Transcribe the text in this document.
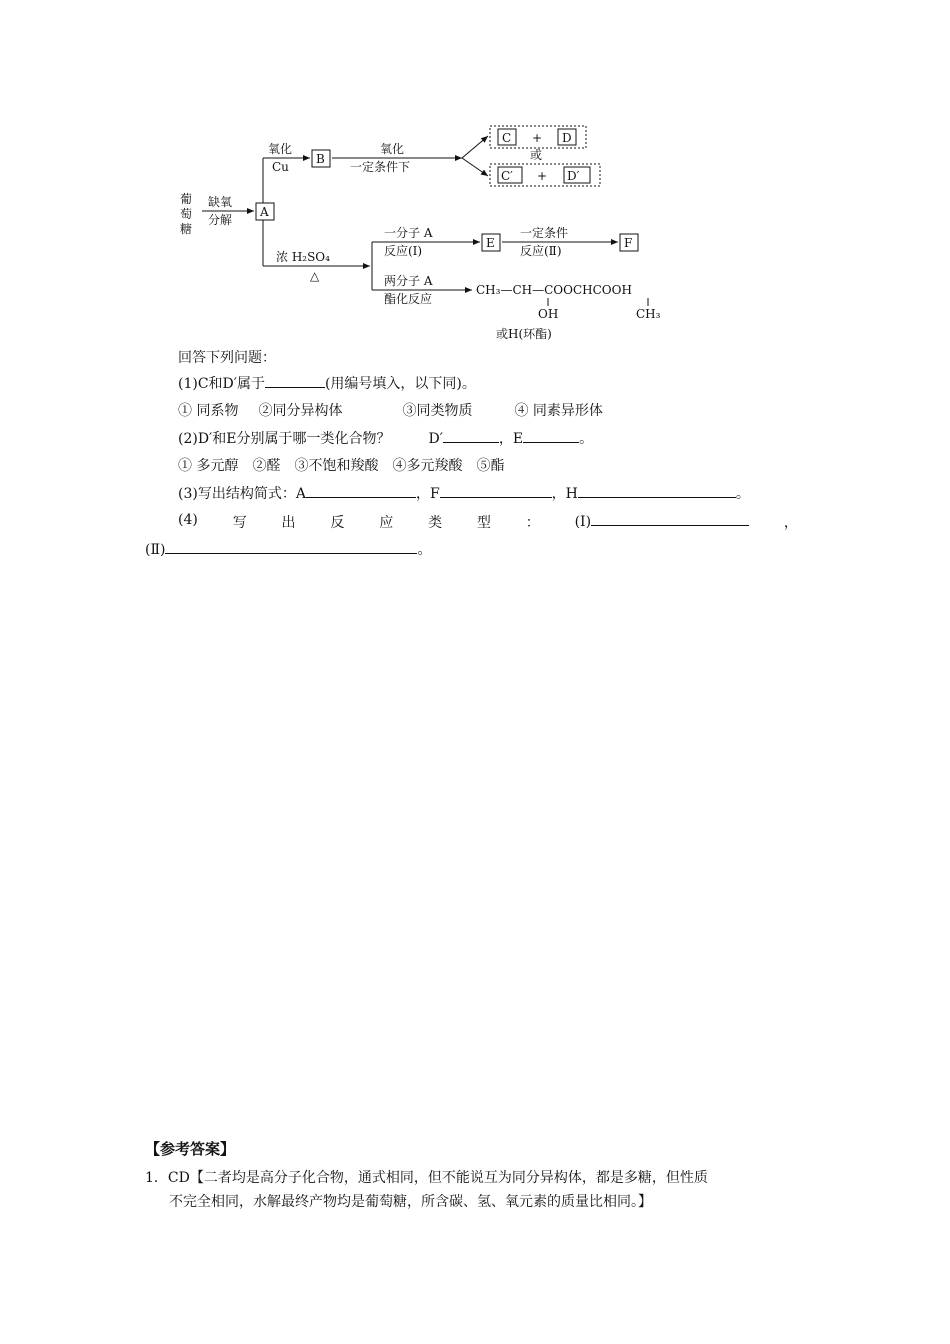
葡
萄
糖
缺氧
分解
A
氧化
Cu
B
氧化
一定条件下
C + D
或
C′ + D′
浓 H₂SO₄
△
一分子 A
反应(Ⅰ)
E
一定条件
反应(Ⅱ)
F
两分子 A
酯化反应
CH₃—CH—COOCHCOOH
OH	CH₃
或H(环酯)
回答下列问题：
(1)C和D′属于	(用编号填入，以下同)。
① 同系物 ②同分异构体	③同类物质	④ 同素异形体
(2)D′和E分别属于哪一类化合物？	D′	，E	。
① 多元醇　②醛　③不饱和羧酸　④多元羧酸　⑤酯
(3)写出结构简式：A	，F	，H	。
(4) 写 出 反 应 类 型 ： (Ⅰ)	，
(Ⅱ)	。
【参考答案】
1．CD【二者均是高分子化合物，通式相同，但不能说互为同分异构体，都是多糖，但性质
不完全相同，水解最终产物均是葡萄糖，所含碳、氢、氧元素的质量比相同。】
